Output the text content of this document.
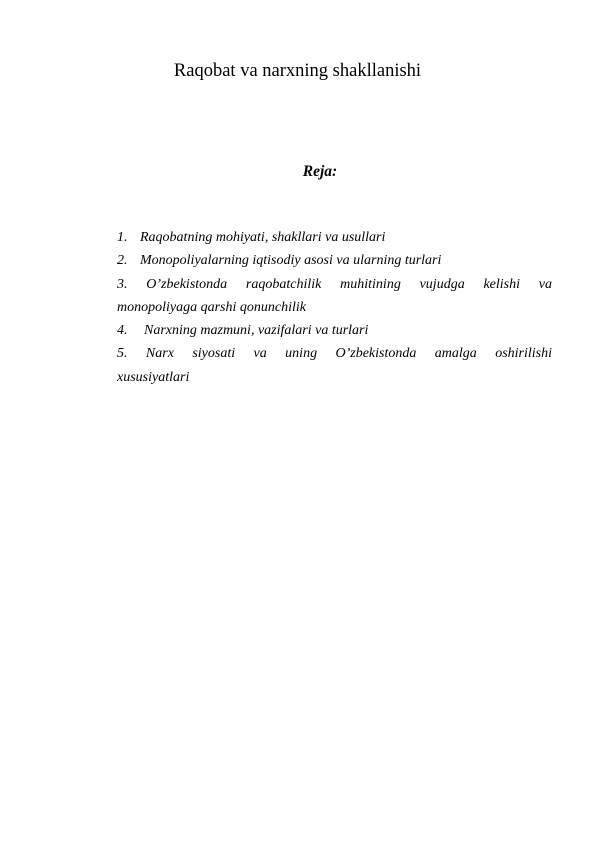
Raqobat va narxning shakllanishi
Reja:
1. Raqobatning mohiyati, shakllari va usullari
2. Monopoliyalarning iqtisodiy asosi va ularning turlari
3. O’zbekistonda raqobatchilik muhitining vujudga kelishi va
monopoliyaga qarshi qonunchilik
4.	Narxning mazmuni, vazifalari va turlari
5. Narx siyosati va uning O’zbekistonda amalga oshirilishi
xususiyatlari
